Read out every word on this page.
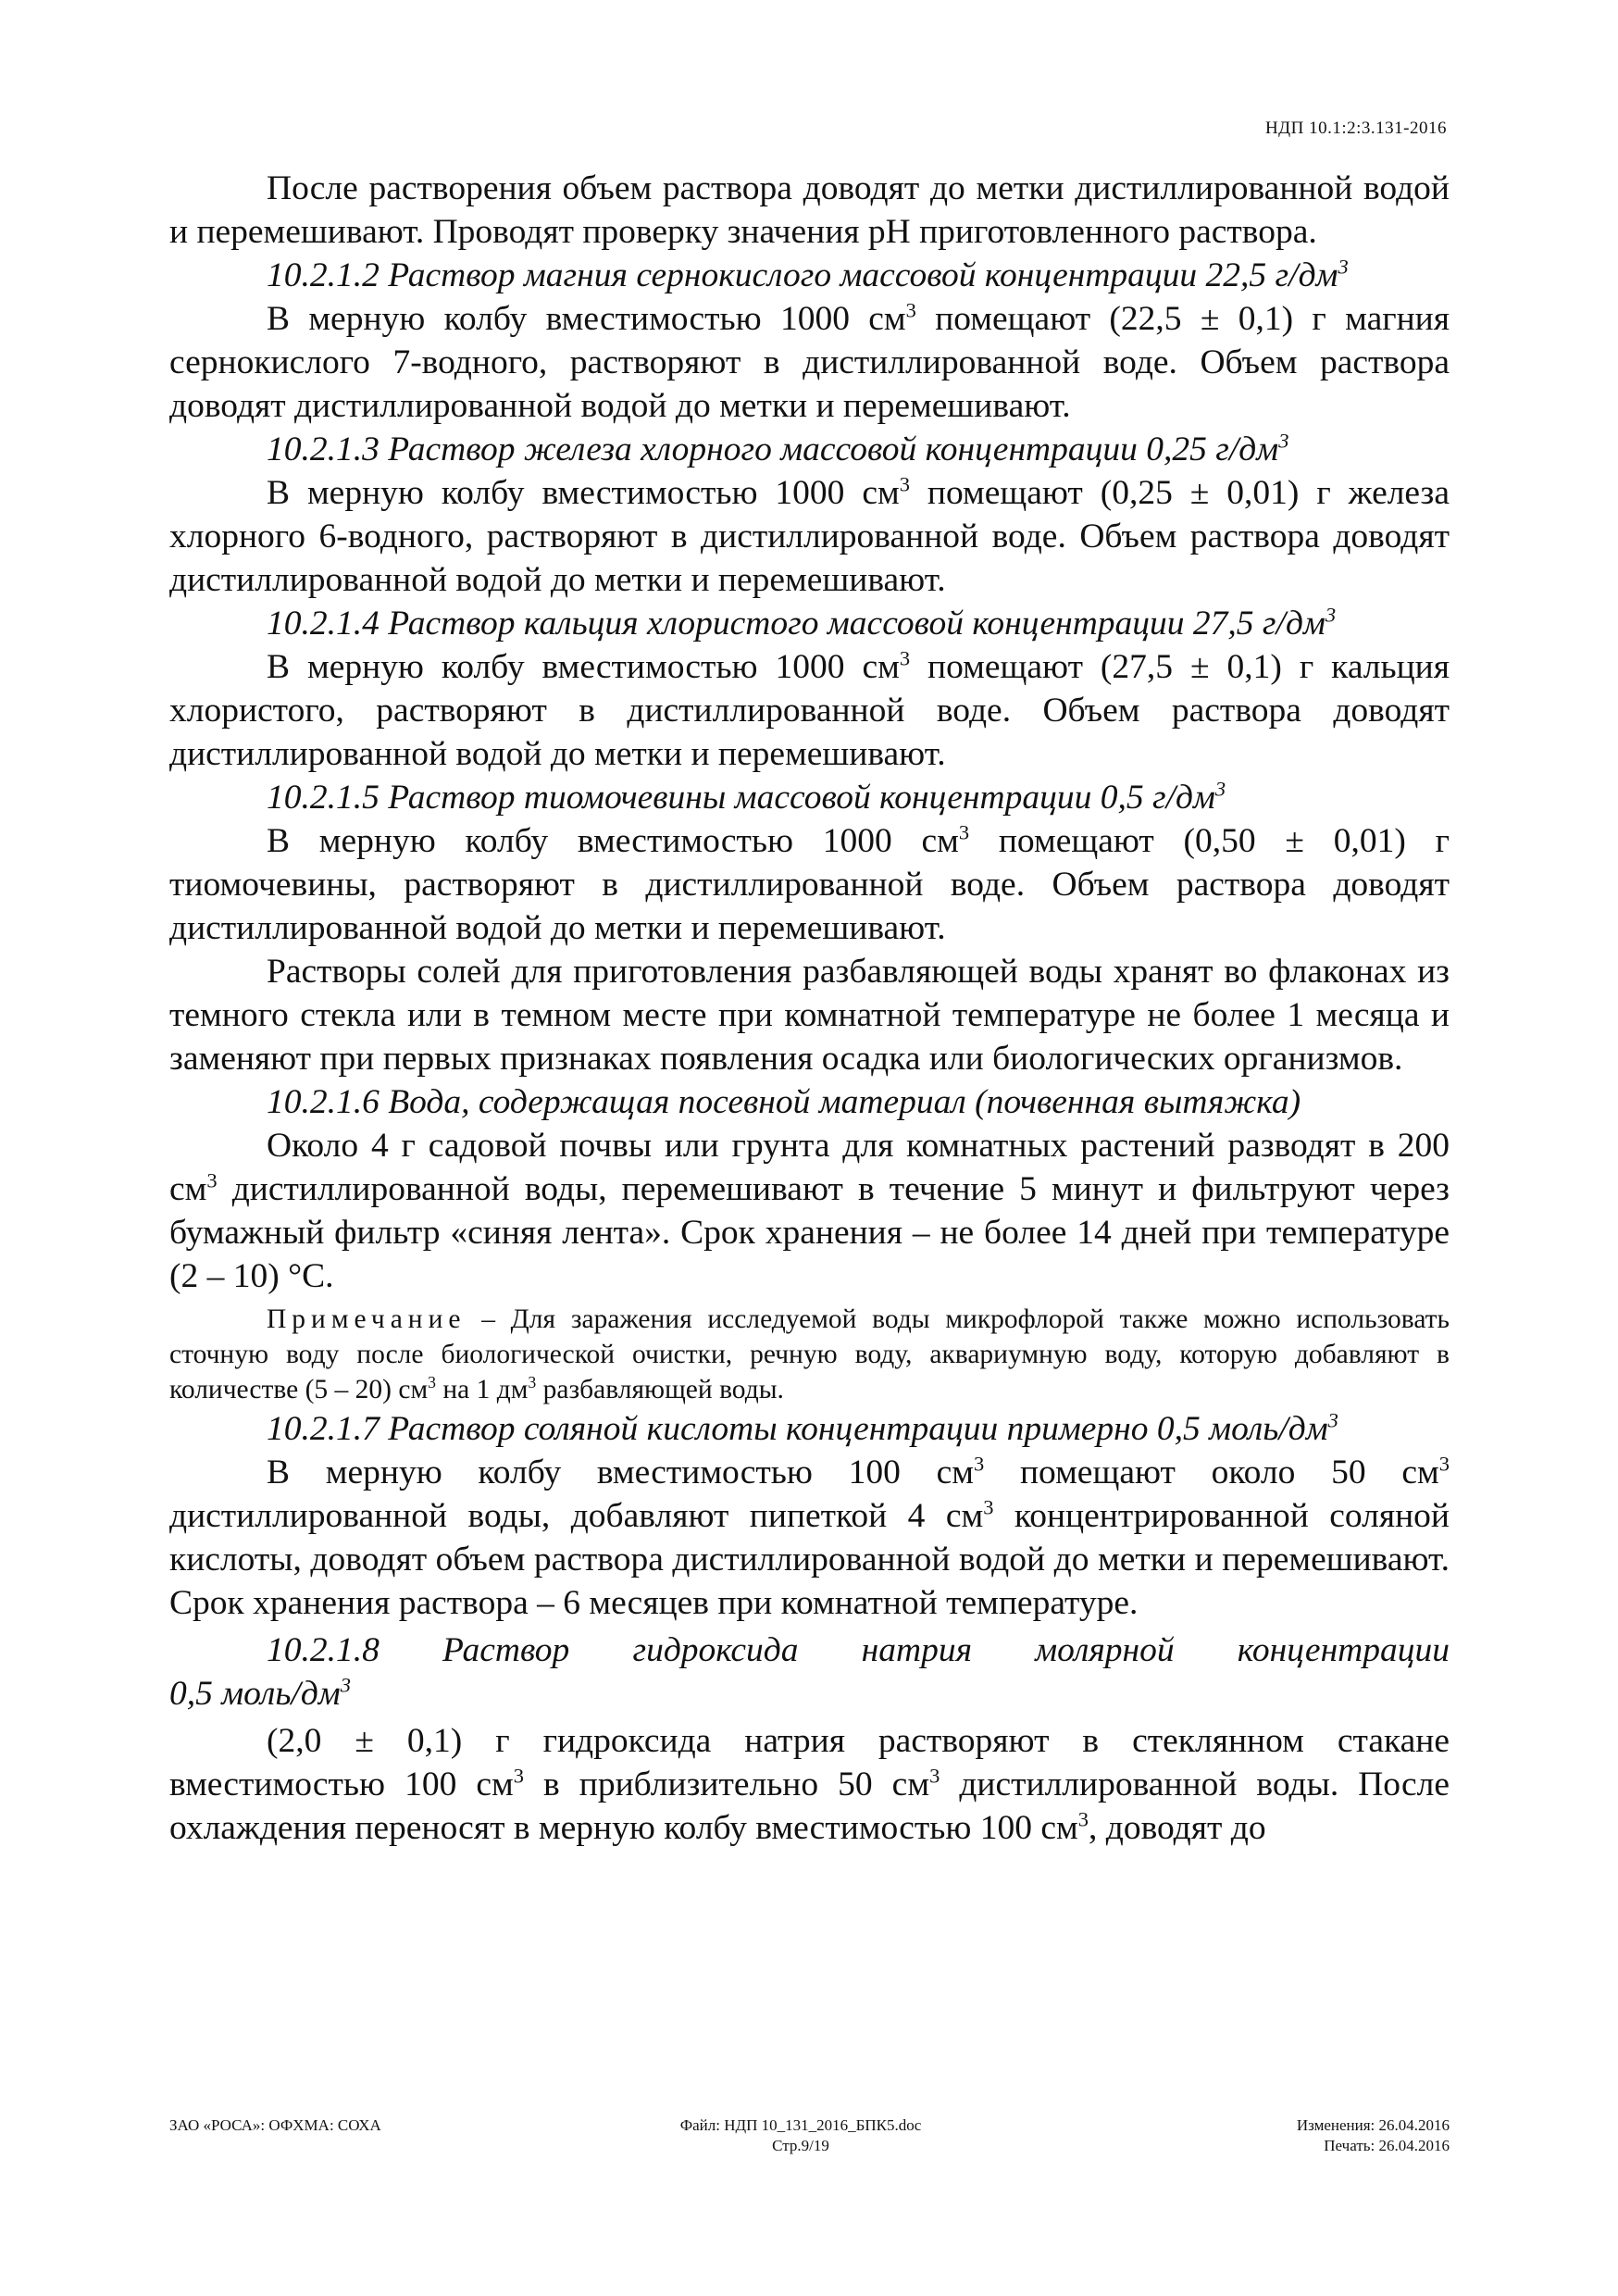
НДП 10.1:2:3.131-2016

После растворения объем раствора доводят до метки дистиллированной водой и перемешивают. Проводят проверку значения pH приготовленного раствора.

10.2.1.2 Раствор магния сернокислого массовой концентрации 22,5 $г/дм^3$

В мерную колбу вместимостью 1000 $см^3$ помещают (22,5 ± 0,1) г магния сернокислого 7-водного, растворяют в дистиллированной воде. Объем раствора доводят дистиллированной водой до метки и перемешивают.

10.2.1.3 Раствор железа хлорного массовой концентрации 0,25 $г/дм^3$

В мерную колбу вместимостью 1000 $см^3$ помещают (0,25 ± 0,01) г железа хлорного 6-водного, растворяют в дистиллированной воде. Объем раствора доводят дистиллированной водой до метки и перемешивают.

10.2.1.4 Раствор кальция хлористого массовой концентрации 27,5 $г/дм^3$

В мерную колбу вместимостью 1000 $см^3$ помещают (27,5 ± 0,1) г кальция хлористого, растворяют в дистиллированной воде. Объем раствора доводят дистиллированной водой до метки и перемешивают.

10.2.1.5 Раствор тиомочевины массовой концентрации 0,5 $г/дм^3$

В мерную колбу вместимостью 1000 $см^3$ помещают (0,50 ± 0,01) г тиомочевины, растворяют в дистиллированной воде. Объем раствора доводят дистиллированной водой до метки и перемешивают.

Растворы солей для приготовления разбавляющей воды хранят во флаконах из темного стекла или в темном месте при комнатной температуре не более 1 месяца и заменяют при первых признаках появления осадка или биологических организмов.

10.2.1.6 Вода, содержащая посевной материал (почвенная вытяжка)

Около 4 г садовой почвы или грунта для комнатных растений разводят в 200 $см^3$ дистиллированной воды, перемешивают в течение 5 минут и фильтруют через бумажный фильтр «синяя лента». Срок хранения – не более 14 дней при температуре (2 – 10) °С.

Примечание – Для заражения исследуемой воды микрофлорой также можно использовать сточную воду после биологической очистки, речную воду, аквариумную воду, которую добавляют в количестве (5 – 20) $см^3$ на 1 $дм^3$ разбавляющей воды.

10.2.1.7 Раствор соляной кислоты концентрации примерно 0,5 моль/$дм^3$

В мерную колбу вместимостью 100 $см^3$ помещают около 50 $см^3$ дистиллированной воды, добавляют пипеткой 4 $см^3$ концентрированной соляной кислоты, доводят объем раствора дистиллированной водой до метки и перемешивают. Срок хранения раствора – 6 месяцев при комнатной температуре.

10.2.1.8 Раствор гидроксида натрия молярной концентрации

0,5 моль/$дм^3$

(2,0 ± 0,1) г гидроксида натрия растворяют в стеклянном стакане вместимостью 100 $см^3$ в приблизительно 50 $см^3$ дистиллированной воды. После охлаждения переносят в мерную колбу вместимостью 100 $см^3$, доводят до

ЗАО «РОСА»: ОФХМА: СОХА	Файл: НДП 10_131_2016_БПК5.doc
Стр.9/19
Изменения: 26.04.2016
Печать: 26.04.2016
